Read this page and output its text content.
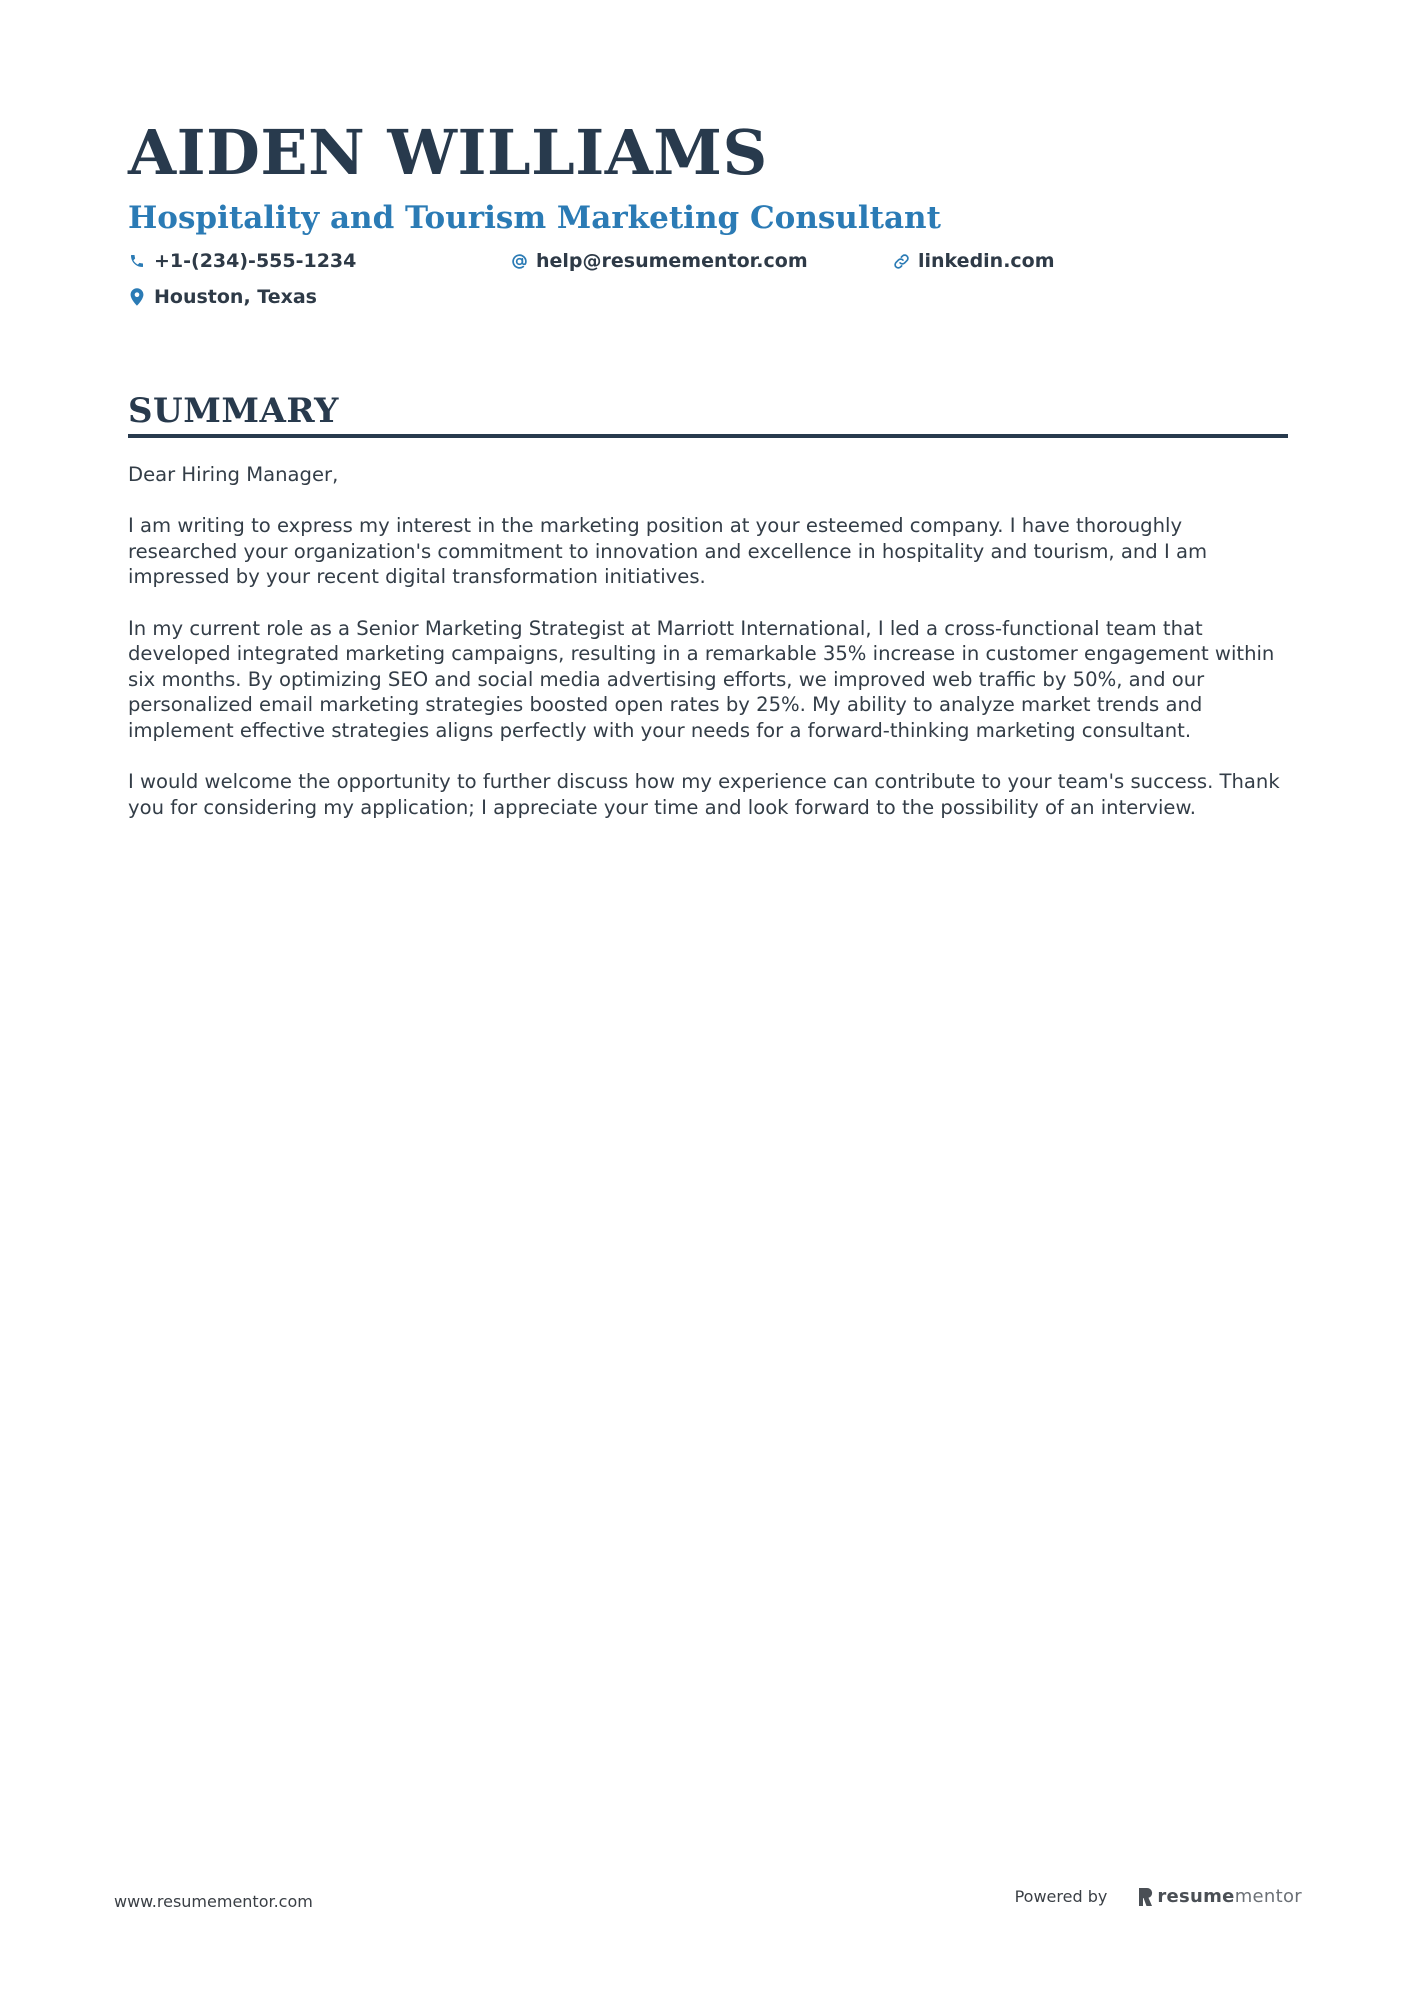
AIDEN WILLIAMS
Hospitality and Tourism Marketing Consultant
+1-(234)-555-1234	help@resumementor.com	linkedin.com
Houston, Texas
SUMMARY

Dear Hiring Manager,

I am writing to express my interest in the marketing position at your esteemed company. I have thoroughly researched your organization's commitment to innovation and excellence in hospitality and tourism, and I am impressed by your recent digital transformation initiatives.

In my current role as a Senior Marketing Strategist at Marriott International, I led a cross-functional team that developed integrated marketing campaigns, resulting in a remarkable 35% increase in customer engagement within six months. By optimizing SEO and social media advertising efforts, we improved web traffic by 50%, and our personalized email marketing strategies boosted open rates by 25%. My ability to analyze market trends and implement effective strategies aligns perfectly with your needs for a forward-thinking marketing consultant.

I would welcome the opportunity to further discuss how my experience can contribute to your team's success. Thank you for considering my application; I appreciate your time and look forward to the possibility of an interview.

www.resumementor.com	Powered by	resumementor
